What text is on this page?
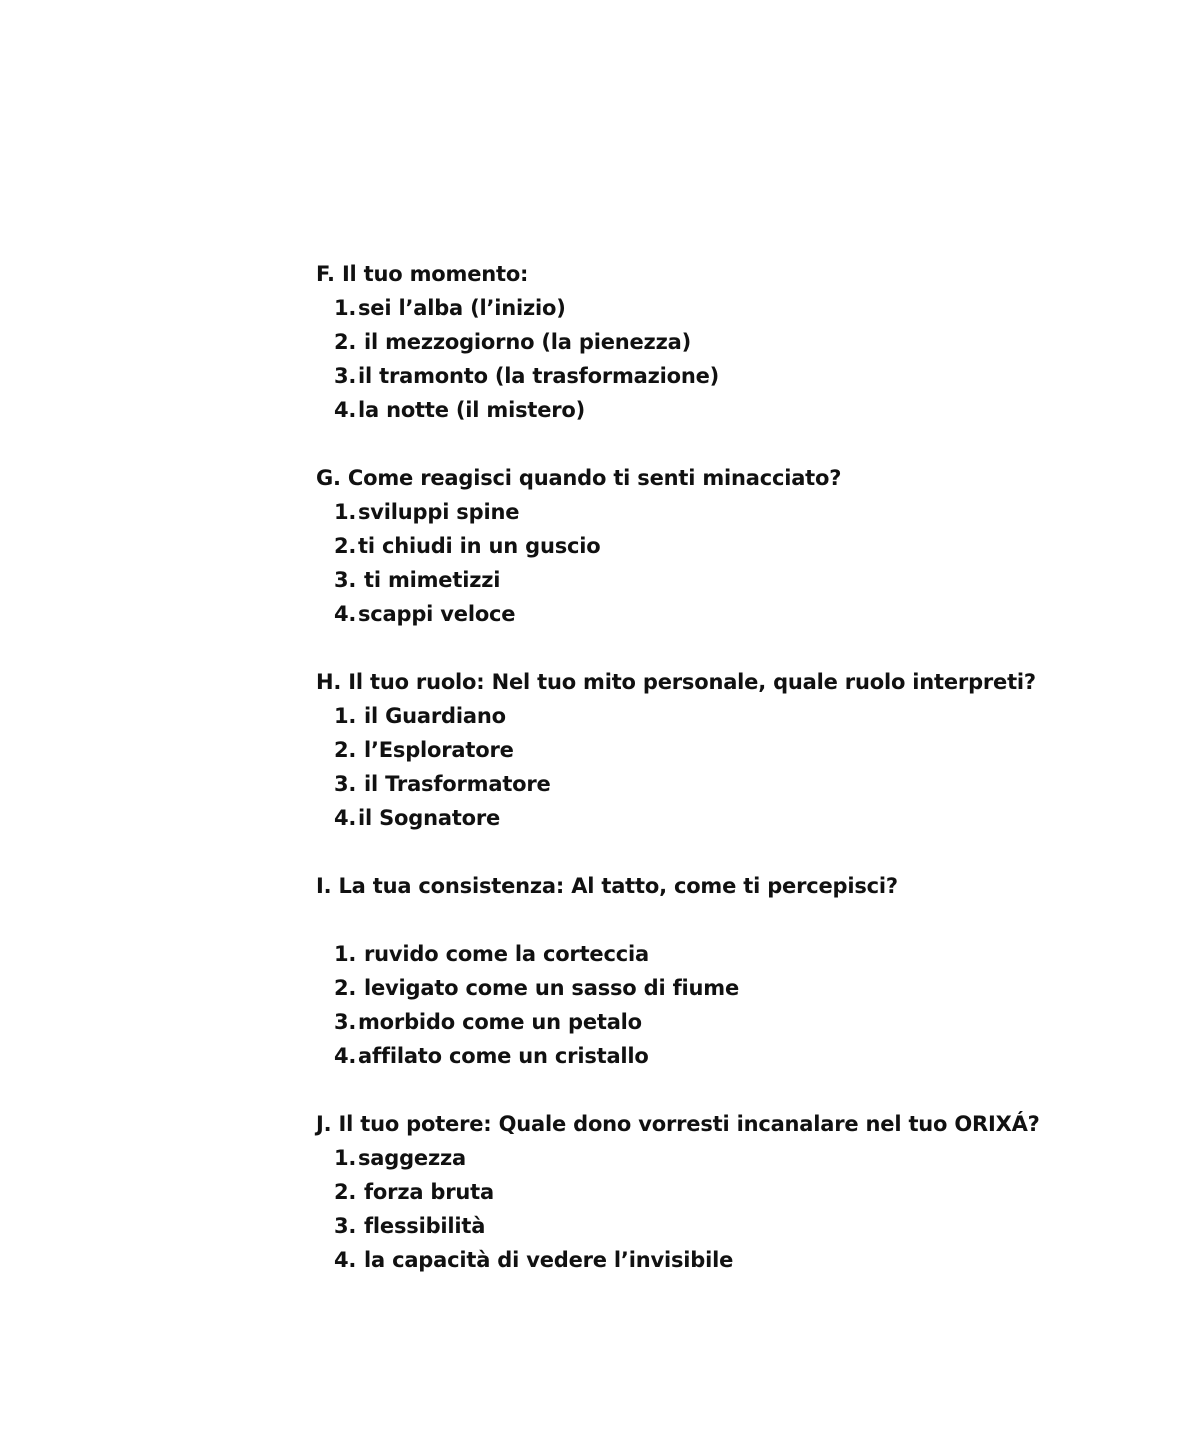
F. Il tuo momento:
1.sei l’alba (l’inizio)
2. il mezzogiorno (la pienezza)
3.il tramonto (la trasformazione)
4.la notte (il mistero)
G. Come reagisci quando ti senti minacciato?
1.sviluppi spine
2.ti chiudi in un guscio
3. ti mimetizzi
4.scappi veloce
H. Il tuo ruolo: Nel tuo mito personale, quale ruolo interpreti?
1. il Guardiano
2. l’Esploratore
3. il Trasformatore
4.il Sognatore
I. La tua consistenza: Al tatto, come ti percepisci?
1. ruvido come la corteccia
2. levigato come un sasso di fiume
3.morbido come un petalo
4.affilato come un cristallo
J. Il tuo potere: Quale dono vorresti incanalare nel tuo ORIXÁ?
1.saggezza
2. forza bruta
3. flessibilità
4. la capacità di vedere l’invisibile
